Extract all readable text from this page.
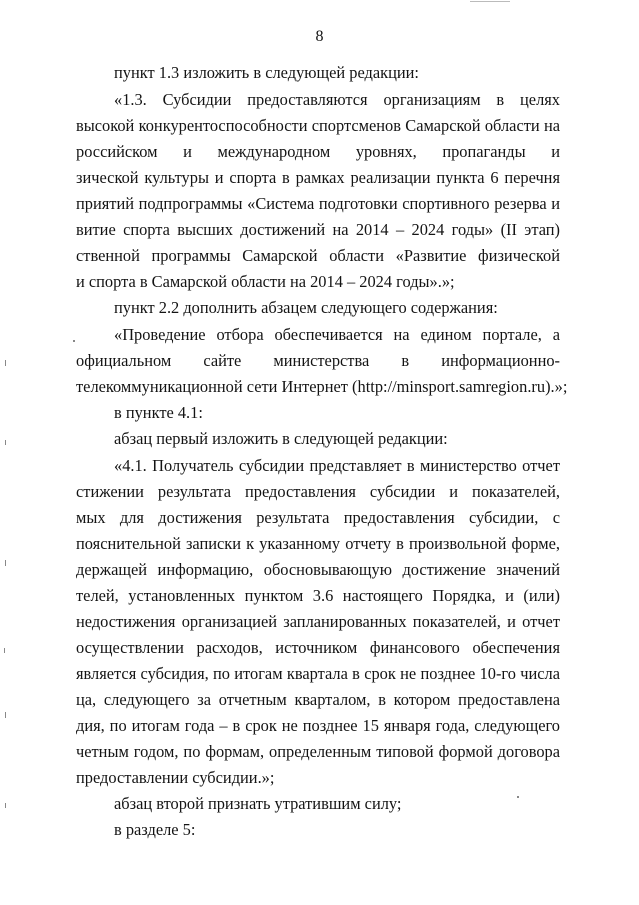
8
пункт 1.3 изложить в следующей редакции:
«1.3. Субсидии предоставляются организациям в целях
высокой конкурентоспособности спортсменов Самарской области на
российском и международном уровнях, пропаганды и
зической культуры и спорта в рамках реализации пункта 6 перечня
приятий подпрограммы «Система подготовки спортивного резерва и
витие спорта высших достижений на 2014 – 2024 годы» (II этап)
ственной программы Самарской области «Развитие физической
и спорта в Самарской области на 2014 – 2024 годы».»;
пункт 2.2 дополнить абзацем следующего содержания:
«Проведение отбора обеспечивается на едином портале, а
официальном сайте министерства в информационно-
телекоммуникационной сети Интернет (http://minsport.samregion.ru).»;
в пункте 4.1:
абзац первый изложить в следующей редакции:
«4.1. Получатель субсидии представляет в министерство отчет
стижении результата предоставления субсидии и показателей,
мых для достижения результата предоставления субсидии, с
пояснительной записки к указанному отчету в произвольной форме,
держащей информацию, обосновывающую достижение значений
телей, установленных пунктом 3.6 настоящего Порядка, и (или)
недостижения организацией запланированных показателей, и отчет
осуществлении расходов, источником финансового обеспечения
является субсидия, по итогам квартала в срок не позднее 10-го числа
ца, следующего за отчетным кварталом, в котором предоставлена
дия, по итогам года – в срок не позднее 15 января года, следующего
четным годом, по формам, определенным типовой формой договора
предоставлении субсидии.»;
абзац второй признать утратившим силу;
в разделе 5:
